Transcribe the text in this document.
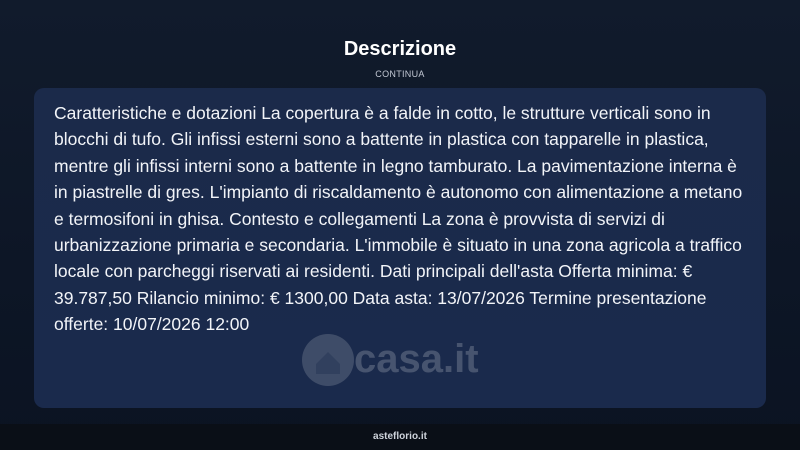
Descrizione
CONTINUA

Caratteristiche e dotazioni La copertura è a falde in cotto, le strutture verticali sono in blocchi di tufo. Gli infissi esterni sono a battente in plastica con tapparelle in plastica, mentre gli infissi interni sono a battente in legno tamburato. La pavimentazione interna è in piastrelle di gres. L'impianto di riscaldamento è autonomo con alimentazione a metano e termosifoni in ghisa. Contesto e collegamenti La zona è provvista di servizi di urbanizzazione primaria e secondaria. L'immobile è situato in una zona agricola a traffico locale con parcheggi riservati ai residenti. Dati principali dell'asta Offerta minima: € 39.787,50 Rilancio minimo: € 1300,00 Data asta: 13/07/2026 Termine presentazione offerte: 10/07/2026 12:00

casa.it
asteflorio.it
